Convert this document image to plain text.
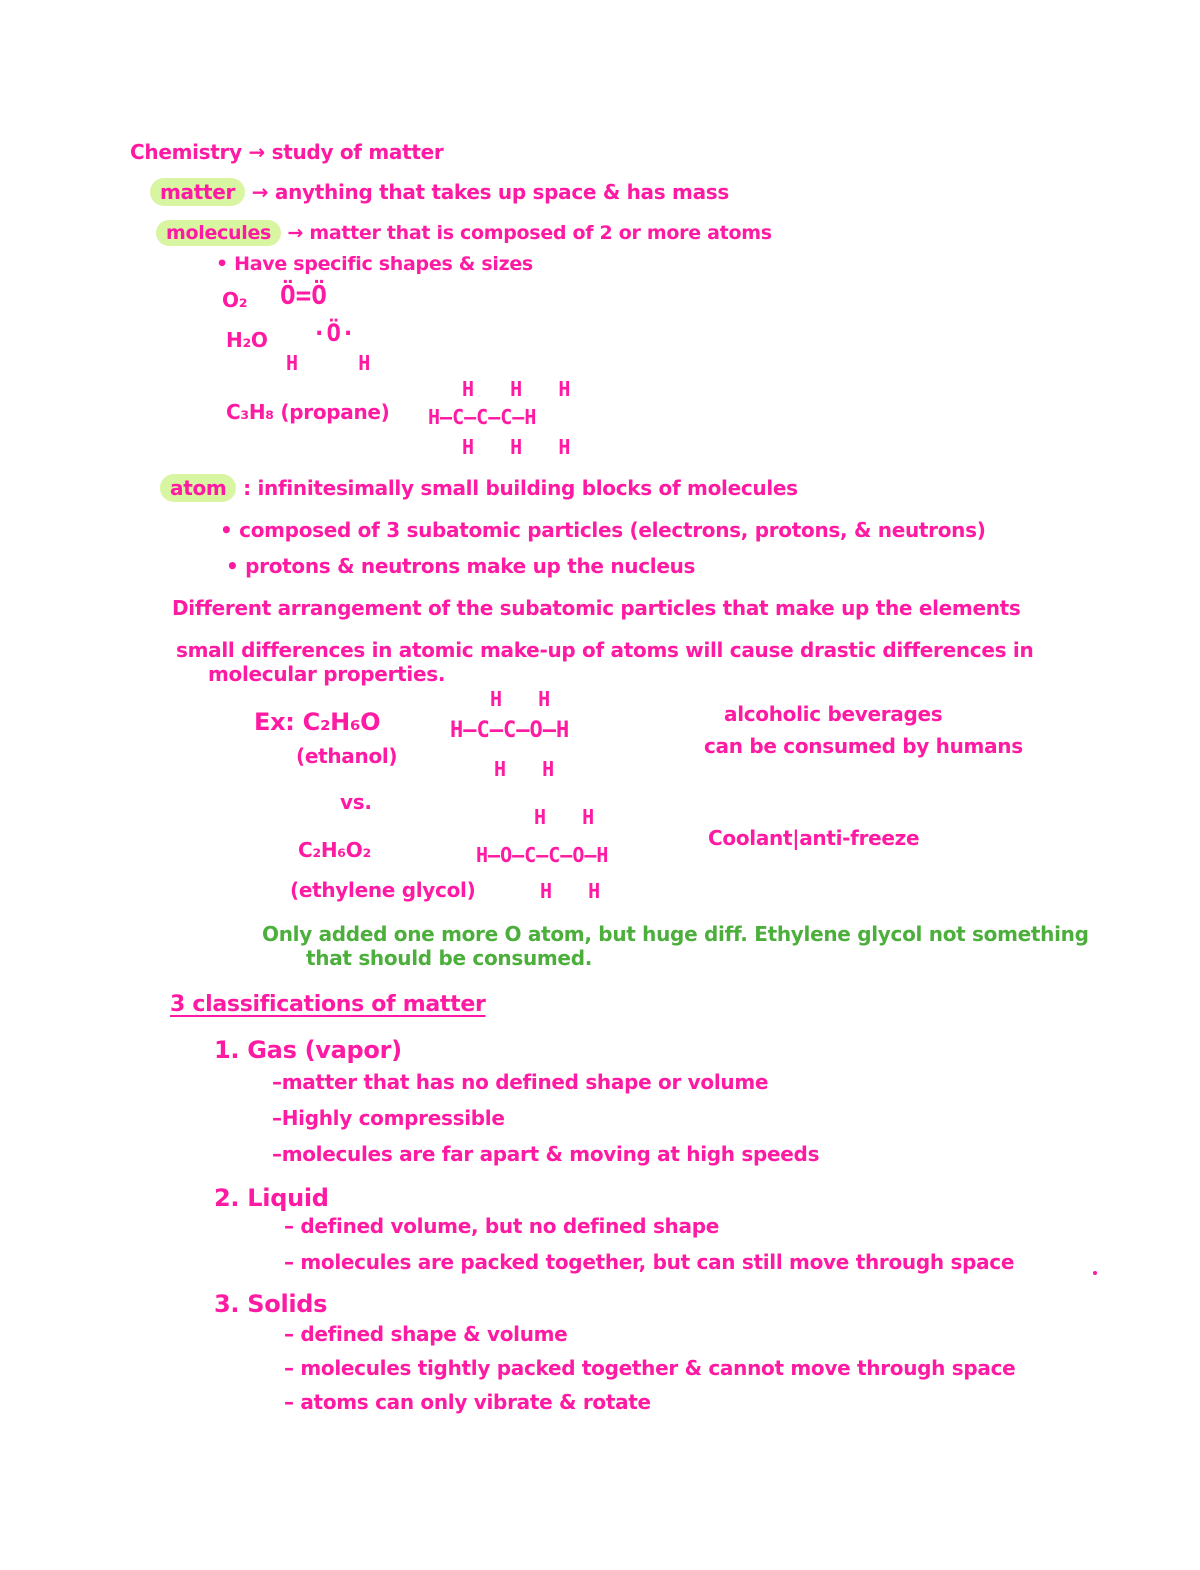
Chemistry → study of matter
matter → anything that takes up space & has mass
molecules → matter that is composed of 2 or more atoms
• Have specific shapes & sizes
O₂ Ö=Ö
H₂O ·Ö·
H     H
C₃H₈ (propane)
H   H   H
H—C—C—C—H
H   H   H
atom : infinitesimally small building blocks of molecules
• composed of 3 subatomic particles (electrons, protons, & neutrons)
• protons & neutrons make up the nucleus
Different arrangement of the subatomic particles that make up the elements
small differences in atomic make-up of atoms will cause drastic differences in
molecular properties.
Ex: C₂H₆O
(ethanol)
H   H
H—C—C—O—H
H   H
alcoholic beverages
can be consumed by humans
vs.
C₂H₆O₂
(ethylene glycol)
H   H
H—O—C—C—O—H
H   H
Coolant|anti-freeze
Only added one more O atom, but huge diff. Ethylene glycol not something
that should be consumed.
3 classifications of matter
1. Gas (vapor)
–matter that has no defined shape or volume
–Highly compressible
–molecules are far apart & moving at high speeds
2. Liquid
– defined volume, but no defined shape
– molecules are packed together, but can still move through space
3. Solids
– defined shape & volume
– molecules tightly packed together & cannot move through space
– atoms can only vibrate & rotate
